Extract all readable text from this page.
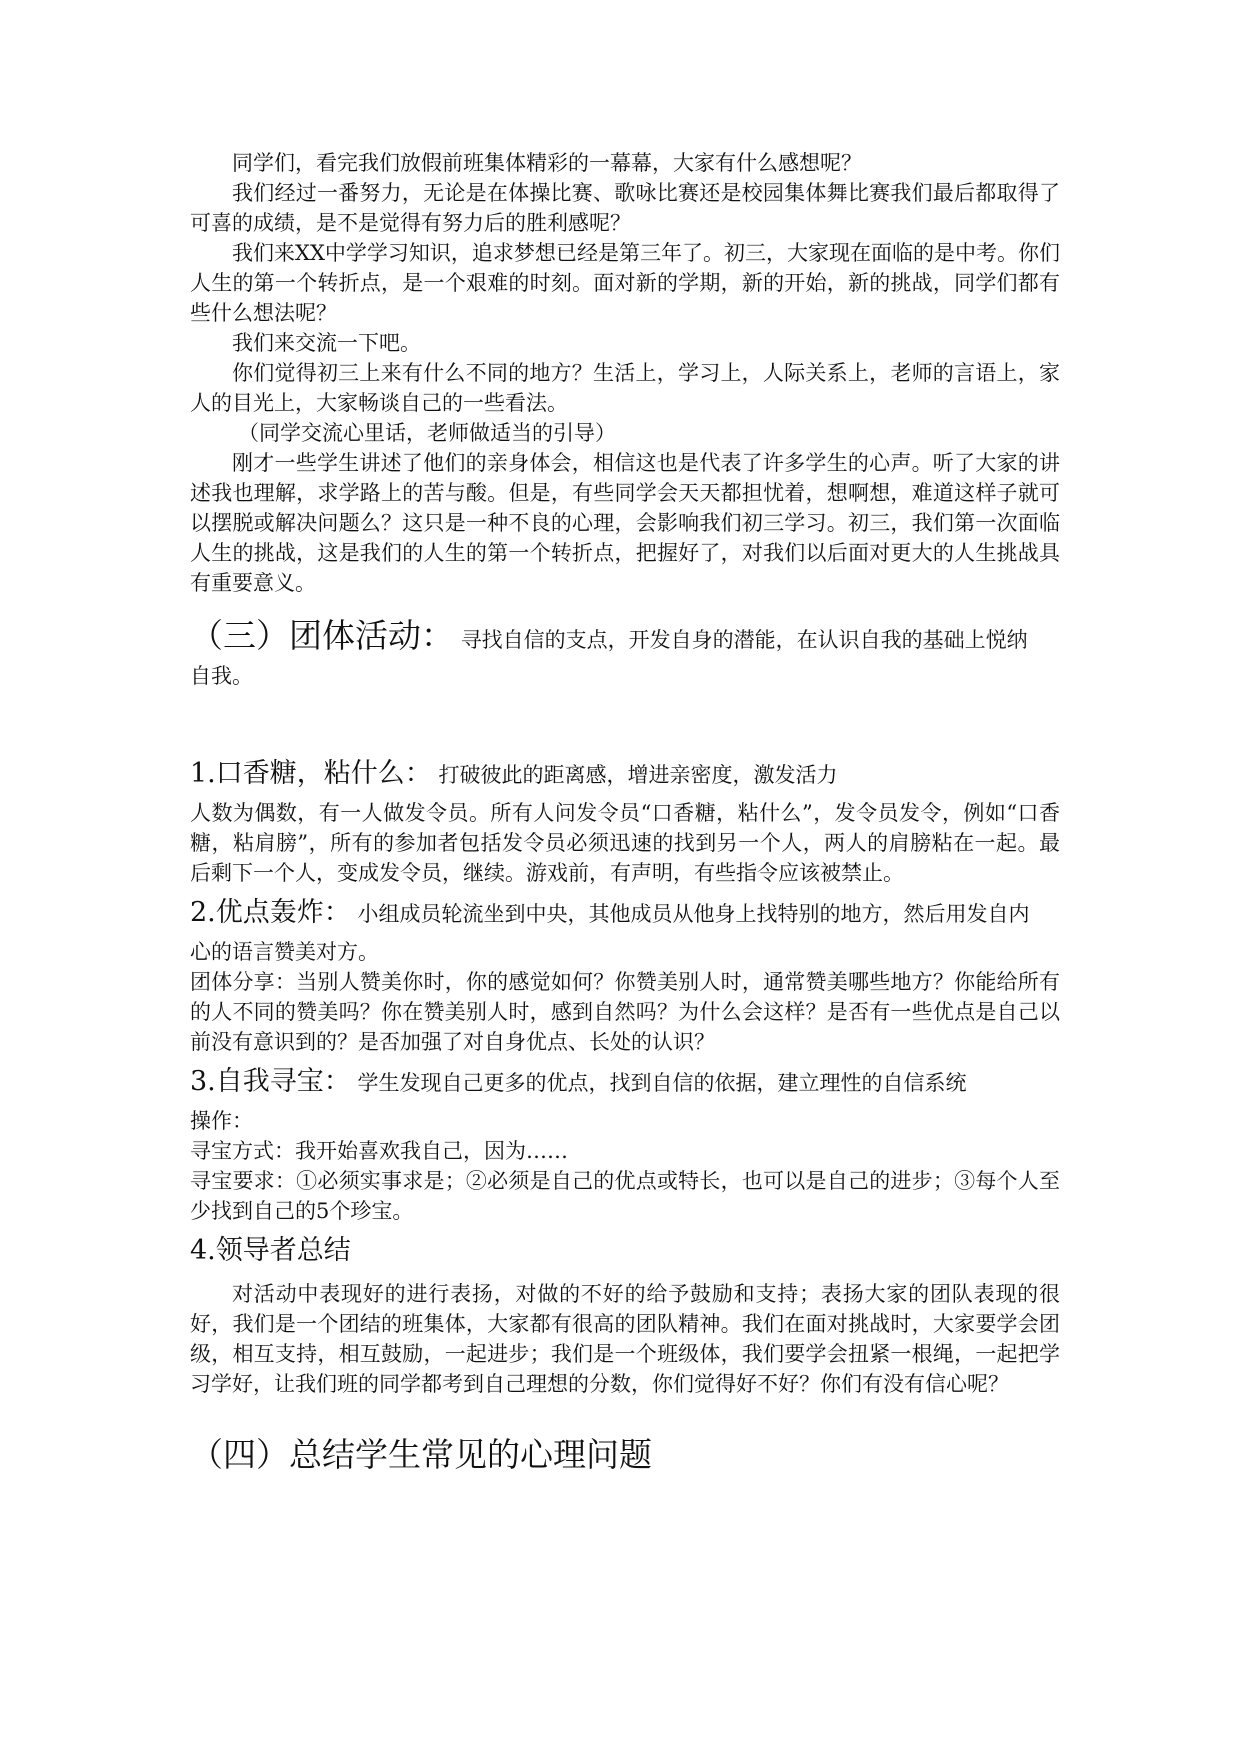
同学们，看完我们放假前班集体精彩的一幕幕，大家有什么感想呢？

我们经过一番努力，无论是在体操比赛、歌咏比赛还是校园集体舞比赛我们最后都取得了可喜的成绩，是不是觉得有努力后的胜利感呢？

我们来XX中学学习知识，追求梦想已经是第三年了。初三，大家现在面临的是中考。你们人生的第一个转折点，是一个艰难的时刻。面对新的学期，新的开始，新的挑战，同学们都有些什么想法呢？

我们来交流一下吧。

你们觉得初三上来有什么不同的地方？生活上，学习上，人际关系上，老师的言语上，家人的目光上，大家畅谈自己的一些看法。

（同学交流心里话，老师做适当的引导）

刚才一些学生讲述了他们的亲身体会，相信这也是代表了许多学生的心声。听了大家的讲述我也理解，求学路上的苦与酸。但是，有些同学会天天都担忧着，想啊想，难道这样子就可以摆脱或解决问题么？这只是一种不良的心理，会影响我们初三学习。初三，我们第一次面临人生的挑战，这是我们的人生的第一个转折点，把握好了，对我们以后面对更大的人生挑战具有重要意义。

（三）团体活动： 寻找自信的支点，开发自身的潜能，在认识自我的基础上悦纳

自我。

1.口香糖，粘什么： 打破彼此的距离感，增进亲密度，激发活力

人数为偶数，有一人做发令员。所有人问发令员“口香糖，粘什么”，发令员发令，例如“口香糖，粘肩膀”，所有的参加者包括发令员必须迅速的找到另一个人，两人的肩膀粘在一起。最后剩下一个人，变成发令员，继续。游戏前，有声明，有些指令应该被禁止。

2.优点轰炸： 小组成员轮流坐到中央，其他成员从他身上找特别的地方，然后用发自内

心的语言赞美对方。

团体分享：当别人赞美你时，你的感觉如何？你赞美别人时，通常赞美哪些地方？你能给所有的人不同的赞美吗？你在赞美别人时，感到自然吗？为什么会这样？是否有一些优点是自己以前没有意识到的？是否加强了对自身优点、长处的认识？

3.自我寻宝： 学生发现自己更多的优点，找到自信的依据，建立理性的自信系统

操作：

寻宝方式：我开始喜欢我自己，因为……

寻宝要求：①必须实事求是；②必须是自己的优点或特长，也可以是自己的进步；③每个人至少找到自己的5个珍宝。

4.领导者总结

对活动中表现好的进行表扬，对做的不好的给予鼓励和支持；表扬大家的团队表现的很好，我们是一个团结的班集体，大家都有很高的团队精神。我们在面对挑战时，大家要学会团级，相互支持，相互鼓励，一起进步；我们是一个班级体，我们要学会扭紧一根绳，一起把学习学好，让我们班的同学都考到自己理想的分数，你们觉得好不好？你们有没有信心呢？

（四）总结学生常见的心理问题
